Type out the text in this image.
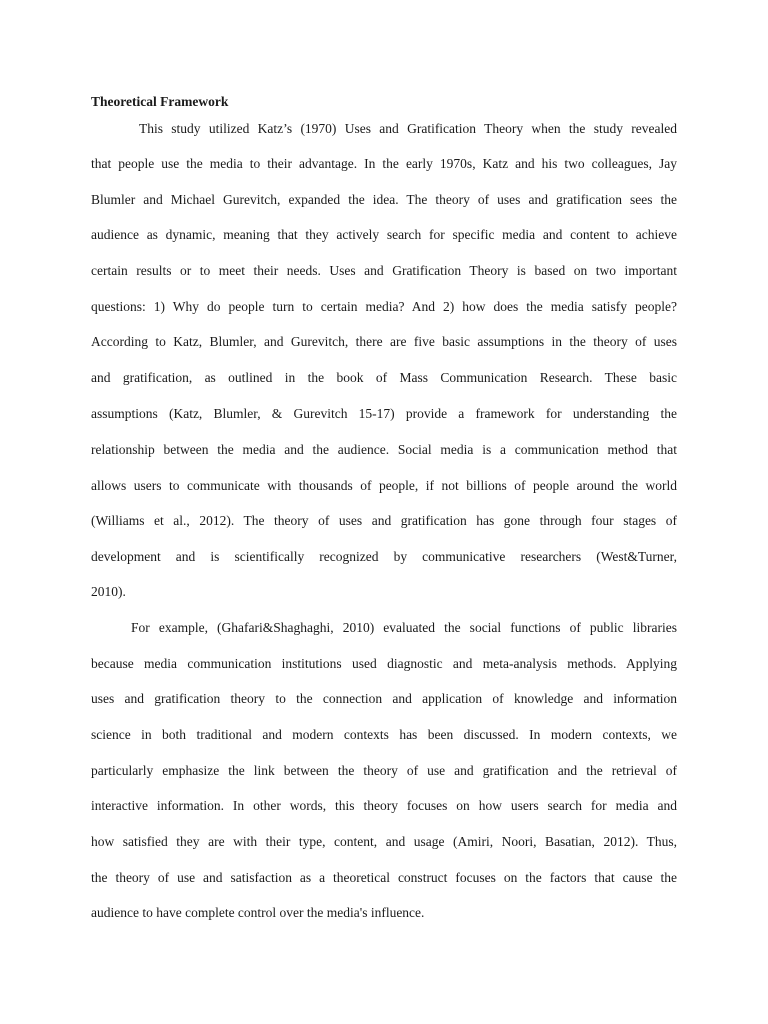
Theoretical Framework
This study utilized Katz’s (1970) Uses and Gratification Theory when the study revealed
that people use the media to their advantage. In the early 1970s, Katz and his two colleagues, Jay
Blumler and Michael Gurevitch, expanded the idea. The theory of uses and gratification sees the
audience as dynamic, meaning that they actively search for specific media and content to achieve
certain results or to meet their needs. Uses and Gratification Theory is based on two important
questions: 1) Why do people turn to certain media? And 2) how does the media satisfy people?
According to Katz, Blumler, and Gurevitch, there are five basic assumptions in the theory of uses
and gratification, as outlined in the book of Mass Communication Research. These basic
assumptions (Katz, Blumler, & Gurevitch 15-17) provide a framework for understanding the
relationship between the media and the audience. Social media is a communication method that
allows users to communicate with thousands of people, if not billions of people around the world
(Williams et al., 2012). The theory of uses and gratification has gone through four stages of
development and is scientifically recognized by communicative researchers (West&Turner,
2010).
For example, (Ghafari&Shaghaghi, 2010) evaluated the social functions of public libraries
because media communication institutions used diagnostic and meta-analysis methods. Applying
uses and gratification theory to the connection and application of knowledge and information
science in both traditional and modern contexts has been discussed. In modern contexts, we
particularly emphasize the link between the theory of use and gratification and the retrieval of
interactive information. In other words, this theory focuses on how users search for media and
how satisfied they are with their type, content, and usage (Amiri, Noori, Basatian, 2012). Thus,
the theory of use and satisfaction as a theoretical construct focuses on the factors that cause the
audience to have complete control over the media's influence.
